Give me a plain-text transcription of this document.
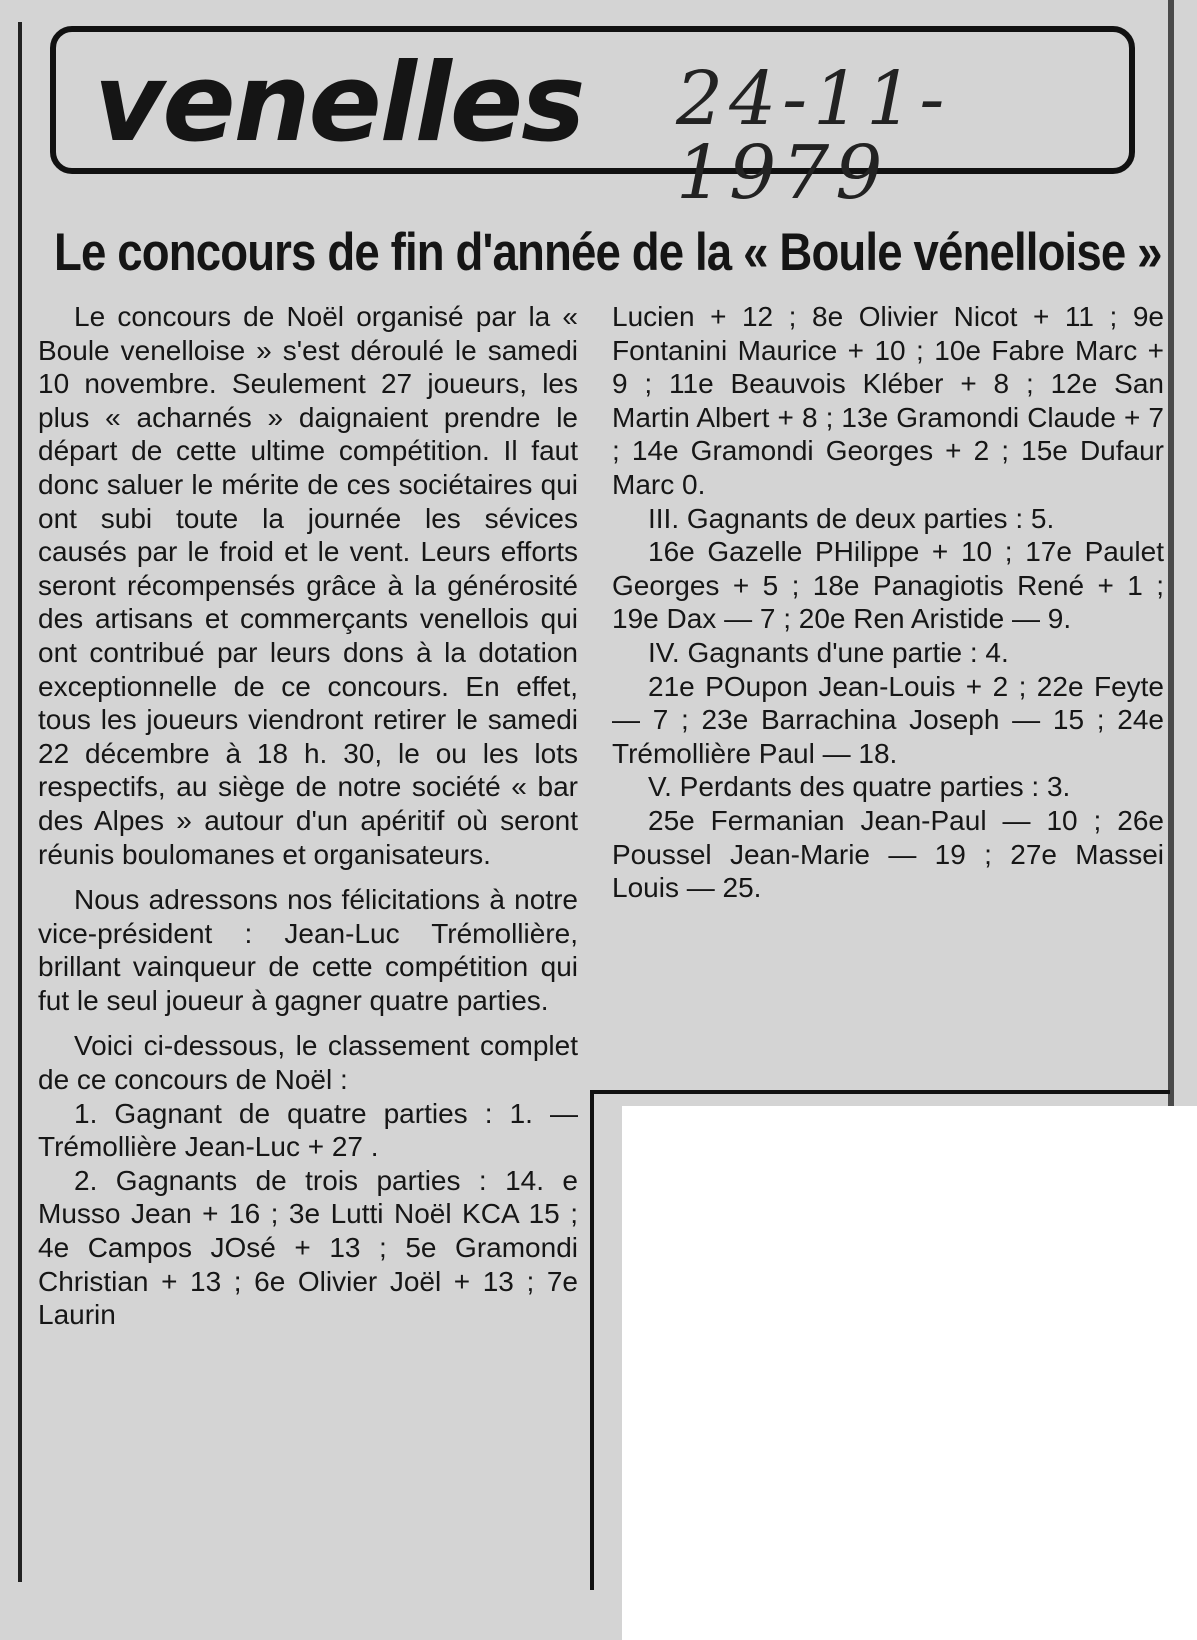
venelles 24-11-1979
Le concours de fin d'année de la « Boule vénelloise »

Le concours de Noël organisé par la « Boule venelloise » s'est déroulé le samedi 10 novembre. Seulement 27 joueurs, les plus « acharnés » daignaient prendre le départ de cette ultime compétition. Il faut donc saluer le mérite de ces sociétaires qui ont subi toute la journée les sévices causés par le froid et le vent. Leurs efforts seront récompensés grâce à la générosité des artisans et commerçants venellois qui ont contribué par leurs dons à la dotation exceptionnelle de ce concours. En effet, tous les joueurs viendront retirer le samedi 22 décembre à 18 h. 30, le ou les lots respectifs, au siège de notre société « bar des Alpes » autour d'un apéritif où seront réunis boulomanes et organisateurs.

Nous adressons nos félicitations à notre vice-président : Jean-Luc Trémollière, brillant vainqueur de cette compétition qui fut le seul joueur à gagner quatre parties.

Voici ci-dessous, le classement complet de ce concours de Noël :

1. Gagnant de quatre parties : 1. — Trémollière Jean-Luc + 27 .

2. Gagnants de trois parties : 14. e Musso Jean + 16 ; 3e Lutti Noël KCA 15 ; 4e Campos JOsé + 13 ; 5e Gramondi Christian + 13 ; 6e Olivier Joël + 13 ; 7e Laurin

Lucien + 12 ; 8e Olivier Nicot + 11 ; 9e Fontanini Maurice + 10 ; 10e Fabre Marc + 9 ; 11e Beauvois Kléber + 8 ; 12e San Martin Albert + 8 ; 13e Gramondi Claude + 7 ; 14e Gramondi Georges + 2 ; 15e Dufaur Marc 0.

III. Gagnants de deux parties : 5.

16e Gazelle PHilippe + 10 ; 17e Paulet Georges + 5 ; 18e Panagiotis René + 1 ; 19e Dax — 7 ; 20e Ren Aristide — 9.

IV. Gagnants d'une partie : 4.

21e POupon Jean-Louis + 2 ; 22e Feyte — 7 ; 23e Barrachina Joseph — 15 ; 24e Trémollière Paul — 18.

V. Perdants des quatre parties : 3.

25e Fermanian Jean-Paul — 10 ; 26e Poussel Jean-Marie — 19 ; 27e Massei Louis — 25.
